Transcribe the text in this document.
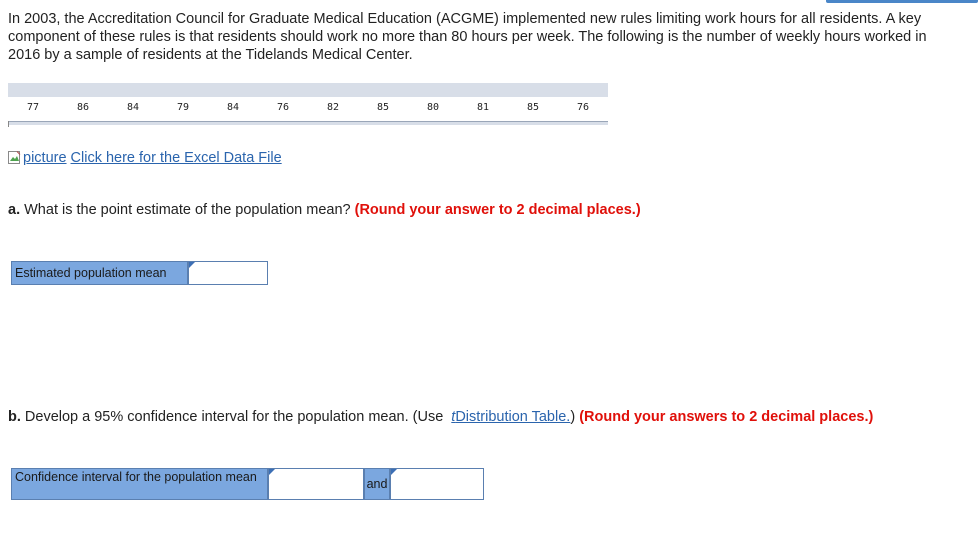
In 2003, the Accreditation Council for Graduate Medical Education (ACGME) implemented new rules limiting work hours for all residents. A key component of these rules is that residents should work no more than 80 hours per week. The following is the number of weekly hours worked in 2016 by a sample of residents at the Tidelands Medical Center.

77	86	84	79	84	76	82	85	80	81	85	76
picture Click here for the Excel Data File
a. What is the point estimate of the population mean? (Round your answer to 2 decimal places.)
Estimated population mean
b. Develop a 95% confidence interval for the population mean. (Use tDistribution Table.) (Round your answers to 2 decimal places.)
Confidence interval for the population mean	and
